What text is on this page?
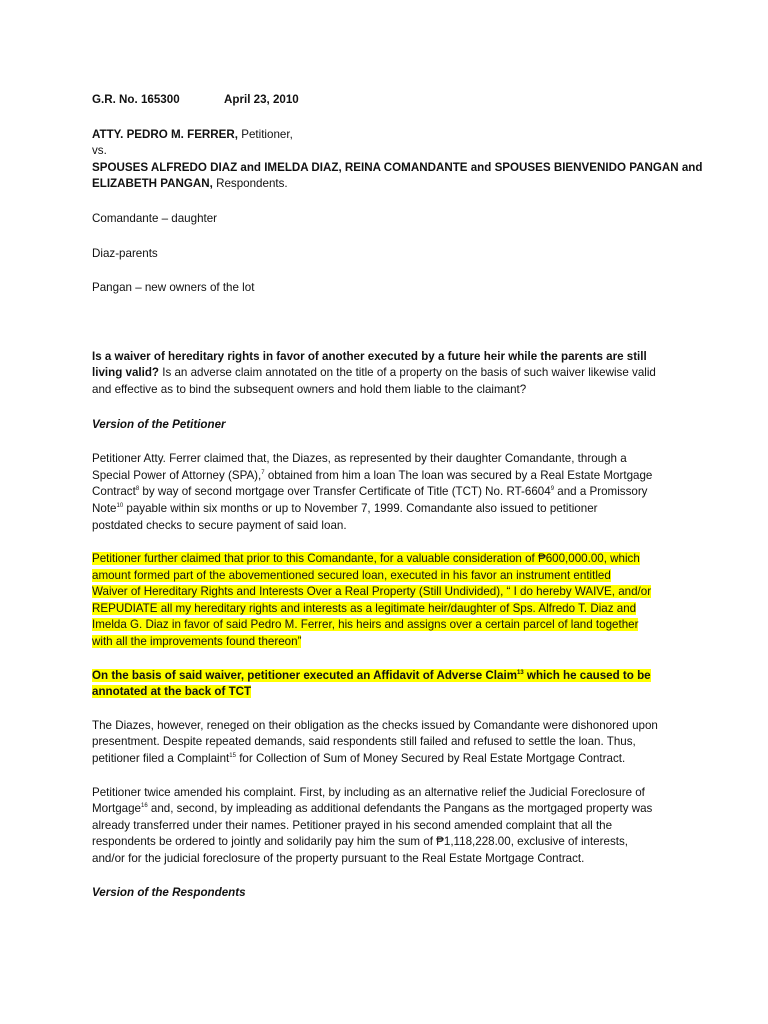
G.R. No. 165300	April 23, 2010
ATTY. PEDRO M. FERRER, Petitioner,
vs.
SPOUSES ALFREDO DIAZ and IMELDA DIAZ, REINA COMANDANTE and SPOUSES BIENVENIDO PANGAN and
ELIZABETH PANGAN, Respondents.
Comandante – daughter
Diaz-parents
Pangan – new owners of the lot
Is a waiver of hereditary rights in favor of another executed by a future heir while the parents are still
living valid? Is an adverse claim annotated on the title of a property on the basis of such waiver likewise valid
and effective as to bind the subsequent owners and hold them liable to the claimant?
Version of the Petitioner
Petitioner Atty. Ferrer claimed that, the Diazes, as represented by their daughter Comandante, through a
Special Power of Attorney (SPA),$^7$ obtained from him a loan The loan was secured by a Real Estate Mortgage
Contract$^8$ by way of second mortgage over Transfer Certificate of Title (TCT) No. RT-6604$^9$ and a Promissory
Note$^{10}$ payable within six months or up to November 7, 1999. Comandante also issued to petitioner
postdated checks to secure payment of said loan.
Petitioner further claimed that prior to this Comandante, for a valuable consideration of ₱600,000.00, which
amount formed part of the abovementioned secured loan, executed in his favor an instrument entitled
Waiver of Hereditary Rights and Interests Over a Real Property (Still Undivided), “ I do hereby WAIVE, and/or
REPUDIATE all my hereditary rights and interests as a legitimate heir/daughter of Sps. Alfredo T. Diaz and
Imelda G. Diaz in favor of said Pedro M. Ferrer, his heirs and assigns over a certain parcel of land together
with all the improvements found thereon”
On the basis of said waiver, petitioner executed an Affidavit of Adverse Claim$^{13}$ which he caused to be
annotated at the back of TCT
The Diazes, however, reneged on their obligation as the checks issued by Comandante were dishonored upon
presentment. Despite repeated demands, said respondents still failed and refused to settle the loan. Thus,
petitioner filed a Complaint$^{15}$ for Collection of Sum of Money Secured by Real Estate Mortgage Contract.
Petitioner twice amended his complaint. First, by including as an alternative relief the Judicial Foreclosure of
Mortgage$^{16}$ and, second, by impleading as additional defendants the Pangans as the mortgaged property was
already transferred under their names. Petitioner prayed in his second amended complaint that all the
respondents be ordered to jointly and solidarily pay him the sum of ₱1,118,228.00, exclusive of interests,
and/or for the judicial foreclosure of the property pursuant to the Real Estate Mortgage Contract.
Version of the Respondents
